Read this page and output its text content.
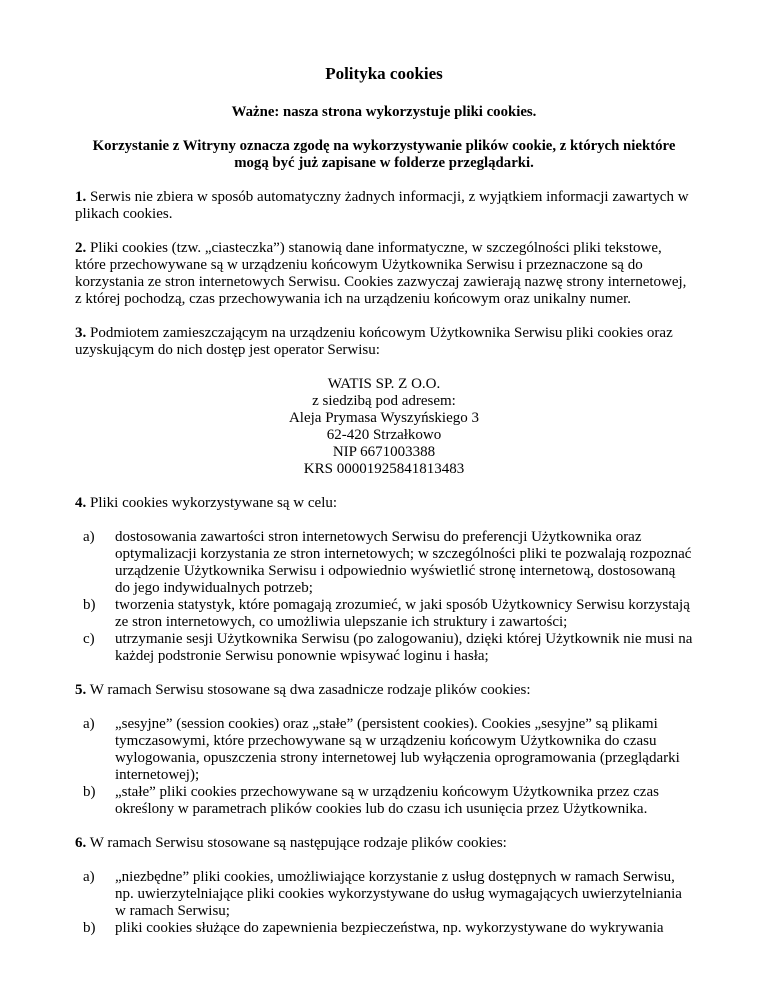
Polityka cookies
Ważne: nasza strona wykorzystuje pliki cookies.
Korzystanie z Witryny oznacza zgodę na wykorzystywanie plików cookie, z których niektóre mogą być już zapisane w folderze przeglądarki.

1. Serwis nie zbiera w sposób automatyczny żadnych informacji, z wyjątkiem informacji zawartych w plikach cookies.

2. Pliki cookies (tzw. „ciasteczka”) stanowią dane informatyczne, w szczególności pliki tekstowe, które przechowywane są w urządzeniu końcowym Użytkownika Serwisu i przeznaczone są do korzystania ze stron internetowych Serwisu. Cookies zazwyczaj zawierają nazwę strony internetowej, z której pochodzą, czas przechowywania ich na urządzeniu końcowym oraz unikalny numer.

3. Podmiotem zamieszczającym na urządzeniu końcowym Użytkownika Serwisu pliki cookies oraz uzyskującym do nich dostęp jest operator Serwisu:

WATIS SP. Z O.O.
z siedzibą pod adresem:
Aleja Prymasa Wyszyńskiego 3
62-420 Strzałkowo
NIP 6671003388
KRS 00001925841813483

4. Pliki cookies wykorzystywane są w celu:

a) dostosowania zawartości stron internetowych Serwisu do preferencji Użytkownika oraz optymalizacji korzystania ze stron internetowych; w szczególności pliki te pozwalają rozpoznać urządzenie Użytkownika Serwisu i odpowiednio wyświetlić stronę internetową, dostosowaną do jego indywidualnych potrzeb;
b) tworzenia statystyk, które pomagają zrozumieć, w jaki sposób Użytkownicy Serwisu korzystają ze stron internetowych, co umożliwia ulepszanie ich struktury i zawartości;
c) utrzymanie sesji Użytkownika Serwisu (po zalogowaniu), dzięki której Użytkownik nie musi na każdej podstronie Serwisu ponownie wpisywać loginu i hasła;

5. W ramach Serwisu stosowane są dwa zasadnicze rodzaje plików cookies:

a) „sesyjne” (session cookies) oraz „stałe” (persistent cookies). Cookies „sesyjne” są plikami tymczasowymi, które przechowywane są w urządzeniu końcowym Użytkownika do czasu wylogowania, opuszczenia strony internetowej lub wyłączenia oprogramowania (przeglądarki internetowej);
b) „stałe” pliki cookies przechowywane są w urządzeniu końcowym Użytkownika przez czas określony w parametrach plików cookies lub do czasu ich usunięcia przez Użytkownika.

6. W ramach Serwisu stosowane są następujące rodzaje plików cookies:

a) „niezbędne” pliki cookies, umożliwiające korzystanie z usług dostępnych w ramach Serwisu, np. uwierzytelniające pliki cookies wykorzystywane do usług wymagających uwierzytelniania w ramach Serwisu;
b) pliki cookies służące do zapewnienia bezpieczeństwa, np. wykorzystywane do wykrywania
